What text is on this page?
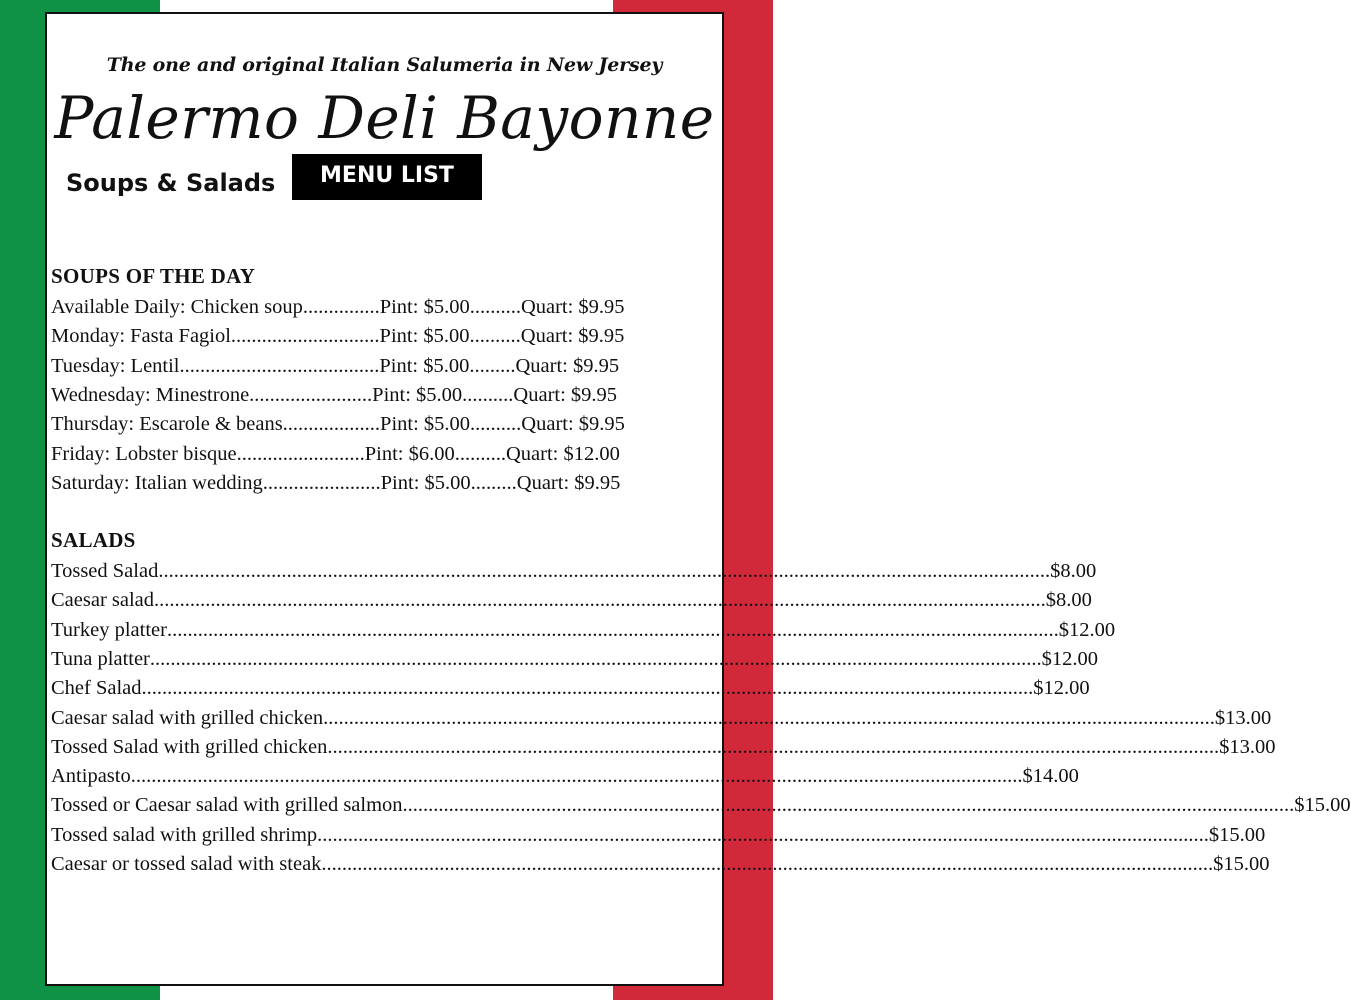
The one and original Italian Salumeria in New Jersey
Palermo Deli Bayonne
Soups & Salads	MENU LIST
SOUPS OF THE DAY
Available Daily: Chicken soup...............Pint: $5.00..........Quart: $9.95
Monday: Fasta Fagiol.............................Pint: $5.00..........Quart: $9.95
Tuesday: Lentil.......................................Pint: $5.00.........Quart: $9.95
Wednesday: Minestrone........................Pint: $5.00..........Quart: $9.95
Thursday: Escarole & beans...................Pint: $5.00..........Quart: $9.95
Friday: Lobster bisque.........................Pint: $6.00..........Quart: $12.00
Saturday: Italian wedding.......................Pint: $5.00.........Quart: $9.95
SALADS
Tossed Salad .............................................................................................................................................................................. $8.00
Caesar salad .............................................................................................................................................................................. $8.00
Turkey platter .............................................................................................................................................................................. $12.00
Tuna platter .............................................................................................................................................................................. $12.00
Chef Salad .............................................................................................................................................................................. $12.00
Caesar salad with grilled chicken .............................................................................................................................................................................. $13.00
Tossed Salad with grilled chicken .............................................................................................................................................................................. $13.00
Antipasto .............................................................................................................................................................................. $14.00
Tossed or Caesar salad with grilled salmon .............................................................................................................................................................................. $15.00
Tossed salad with grilled shrimp .............................................................................................................................................................................. $15.00
Caesar or tossed salad with steak .............................................................................................................................................................................. $15.00
